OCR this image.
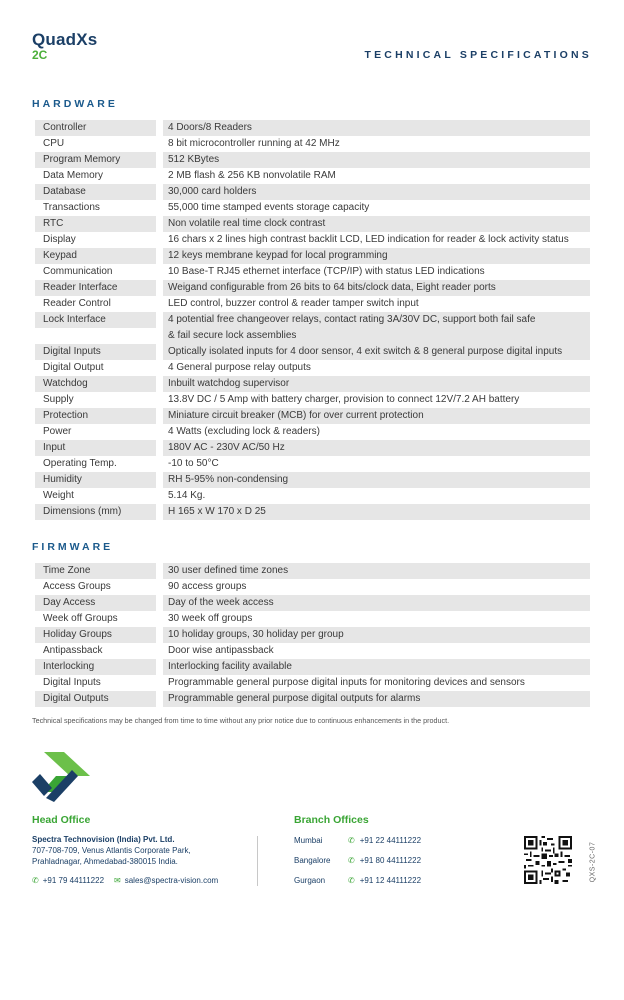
QuadXs
2C	TECHNICAL SPECIFICATIONS
HARDWARE
Controller	4 Doors/8 Readers
CPU	8 bit microcontroller running at 42 MHz
Program Memory	512 KBytes
Data Memory	2 MB flash & 256 KB nonvolatile RAM
Database	30,000 card holders
Transactions	55,000 time stamped events storage capacity
RTC	Non volatile real time clock contrast
Display	16 chars x 2 lines high contrast backlit LCD, LED indication for reader & lock activity status
Keypad	12 keys membrane keypad for local programming
Communication	10 Base-T RJ45 ethernet interface (TCP/IP) with status LED indications
Reader Interface	Weigand configurable from 26 bits to 64 bits/clock data, Eight reader ports
Reader Control	LED control, buzzer control & reader tamper switch input
Lock Interface	4 potential free changeover relays, contact rating 3A/30V DC, support both fail safe
& fail secure lock assemblies
Digital Inputs	Optically isolated inputs for 4 door sensor, 4 exit switch & 8 general purpose digital inputs
Digital Output	4 General purpose relay outputs
Watchdog	Inbuilt watchdog supervisor
Supply	13.8V DC / 5 Amp with battery charger, provision to connect 12V/7.2 AH battery
Protection	Miniature circuit breaker (MCB) for over current protection
Power	4 Watts (excluding lock & readers)
Input	180V AC - 230V AC/50 Hz
Operating Temp.	-10 to 50°C
Humidity	RH 5-95% non-condensing
Weight	5.14 Kg.
Dimensions (mm)	H 165 x W 170 x D 25
FIRMWARE
Time Zone	30 user defined time zones
Access Groups	90 access groups
Day Access	Day of the week access
Week off Groups	30 week off groups
Holiday Groups	10 holiday groups, 30 holiday per group
Antipassback	Door wise antipassback
Interlocking	Interlocking facility available
Digital Inputs	Programmable general purpose digital inputs for monitoring devices and sensors
Digital Outputs	Programmable general purpose digital outputs for alarms
Technical specifications may be changed from time to time without any prior notice due to continuous enhancements in the product.
Head Office
Spectra Technovision (India) Pvt. Ltd.
707-708-709, Venus Atlantis Corporate Park,
Prahladnagar, Ahmedabad-380015 India.
✆ +91 79 44111222 ✉ sales@spectra-vision.com
Branch Offices
Mumbai	✆ +91 22 44111222
Bangalore	✆ +91 80 44111222
Gurgaon	✆ +91 12 44111222	QXS-2C-07
